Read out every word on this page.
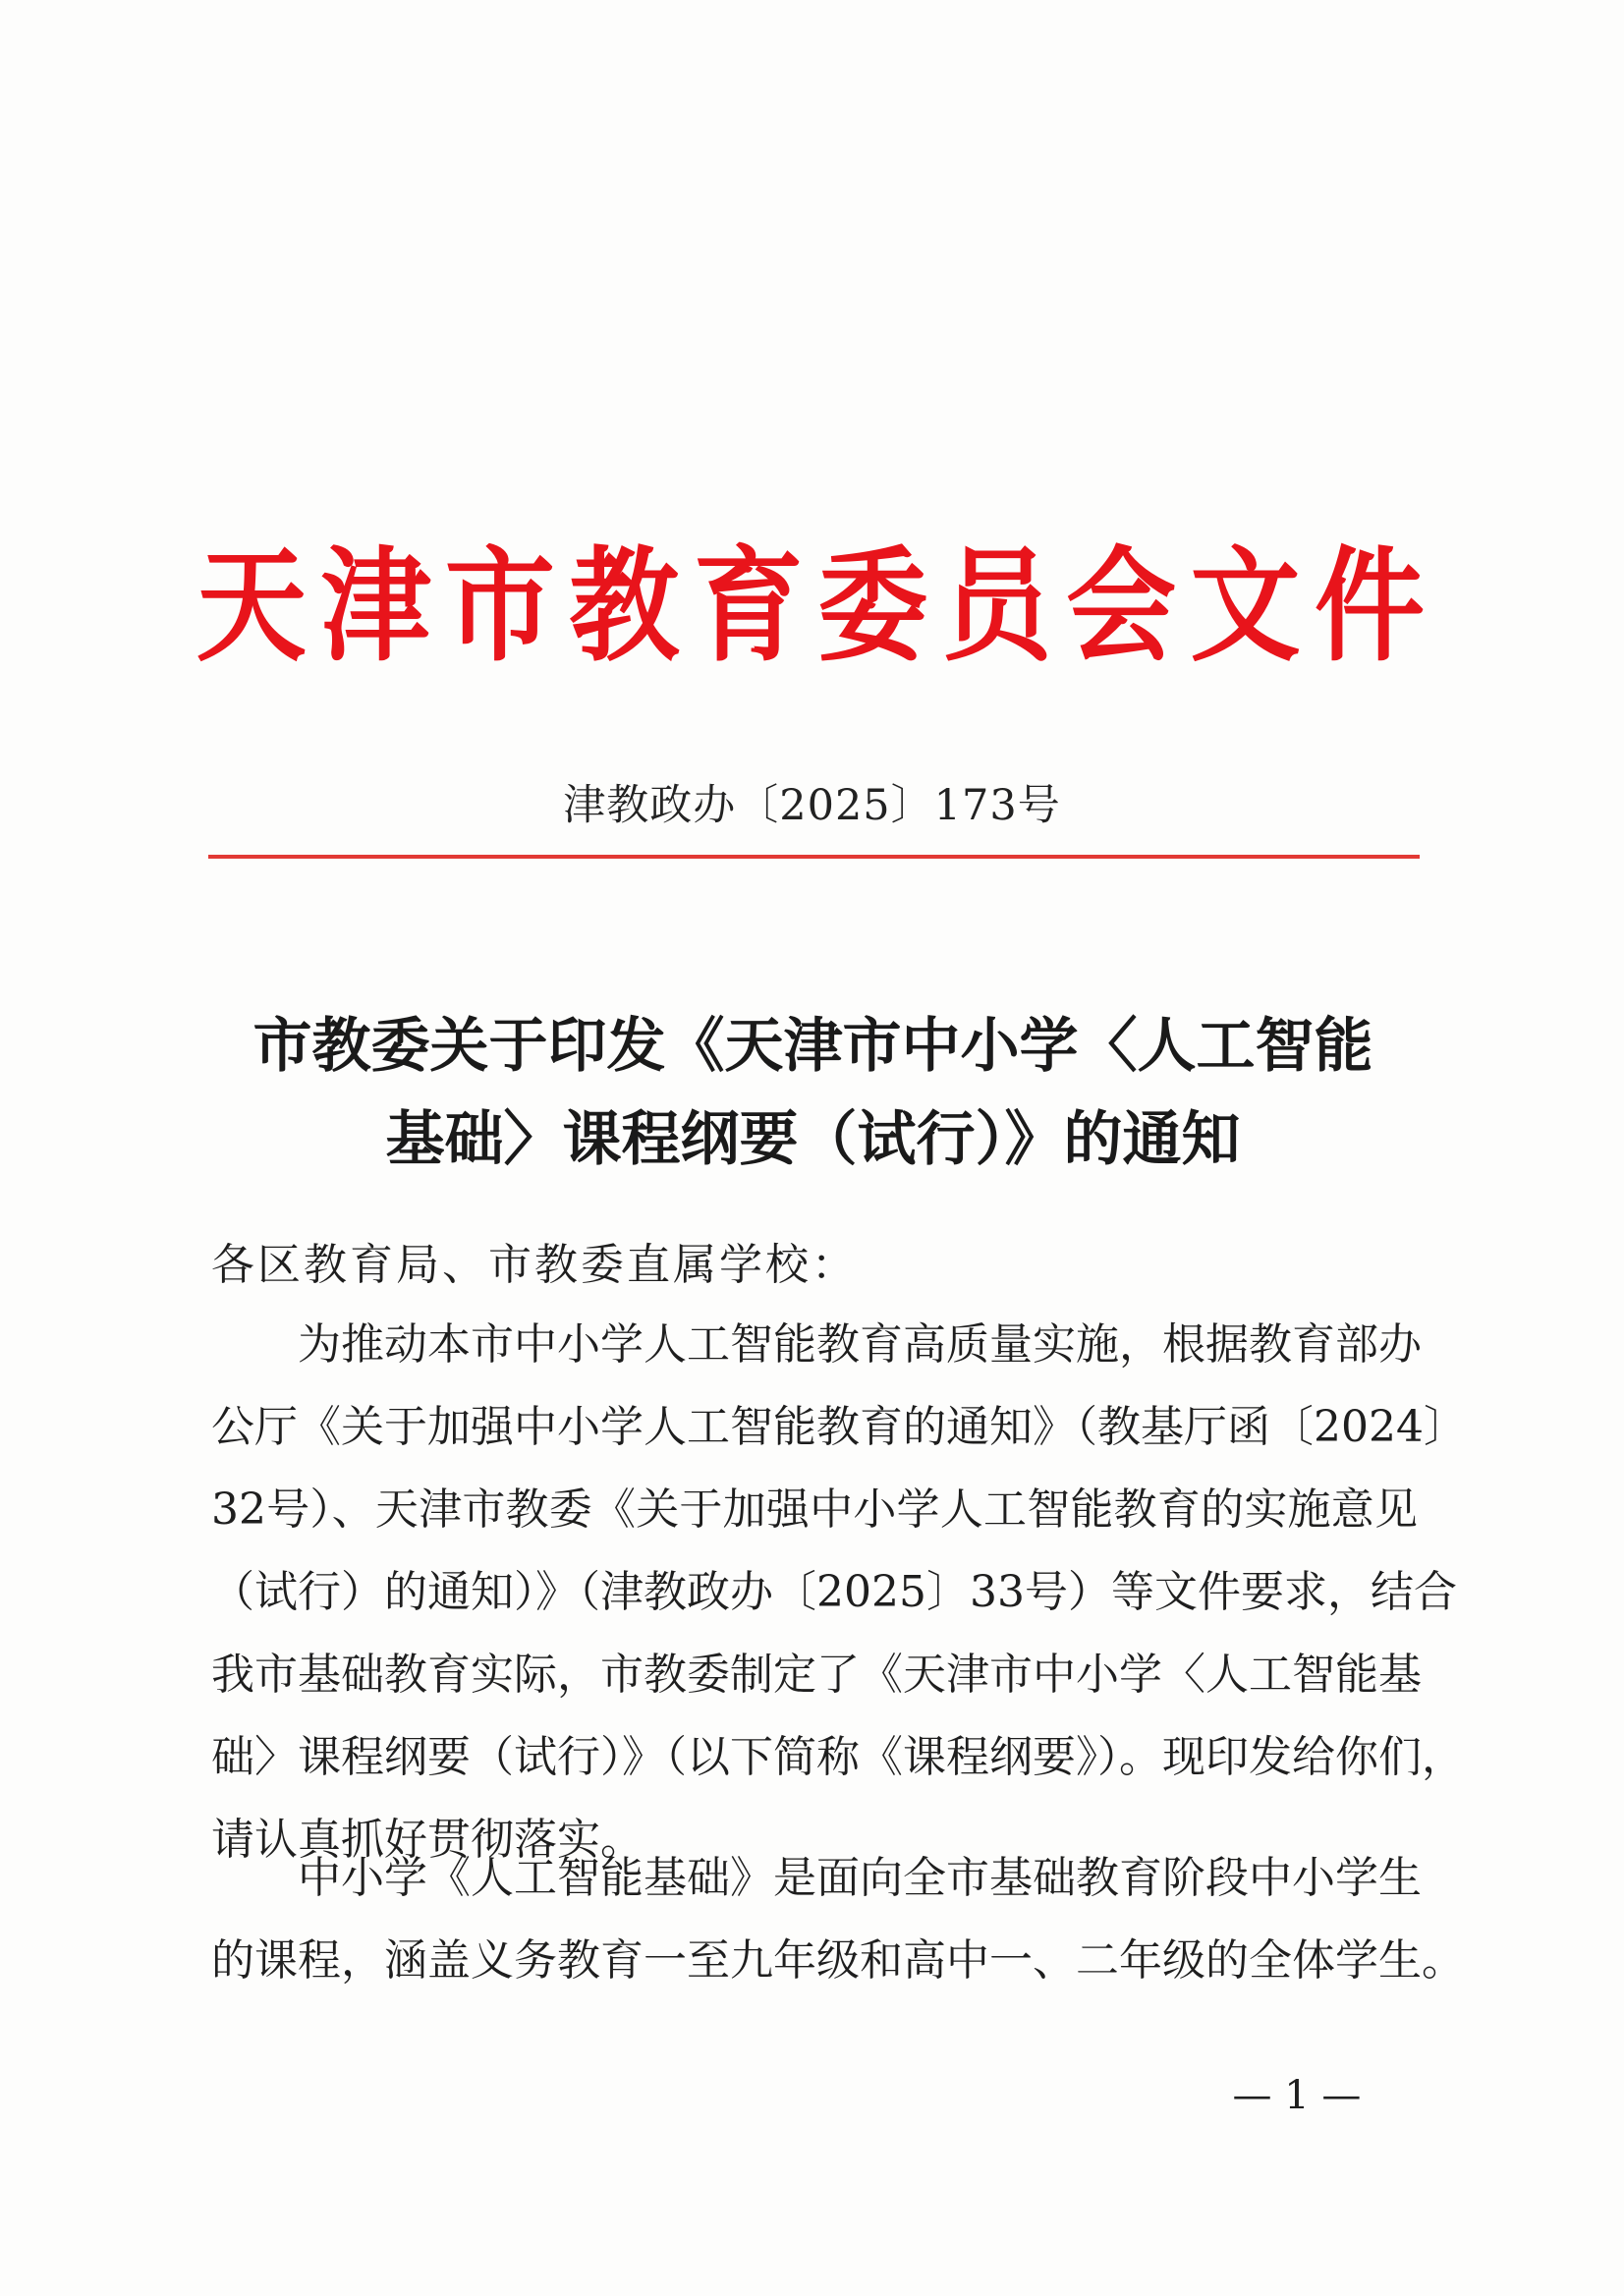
天 津 市 教 育 委 员 会 文 件
津教政办〔2025〕173号
市教委关于印发《天津市中小学〈人工智能
基础〉课程纲要（试行）》的通知
各区教育局、市教委直属学校：
为推动本市中小学人工智能教育高质量实施，根据教育部办
公厅《关于加强中小学人工智能教育的通知》（教基厅函〔2024〕
32号）、天津市教委《关于加强中小学人工智能教育的实施意见
（试行）的通知）》（津教政办〔2025〕33号）等文件要求，结合
我市基础教育实际，市教委制定了《天津市中小学〈人工智能基
础〉课程纲要（试行）》（以下简称《课程纲要》）。现印发给你们，
请认真抓好贯彻落实。
中小学《人工智能基础》是面向全市基础教育阶段中小学生
的课程，涵盖义务教育一至九年级和高中一、二年级的全体学生。
— 1 —
